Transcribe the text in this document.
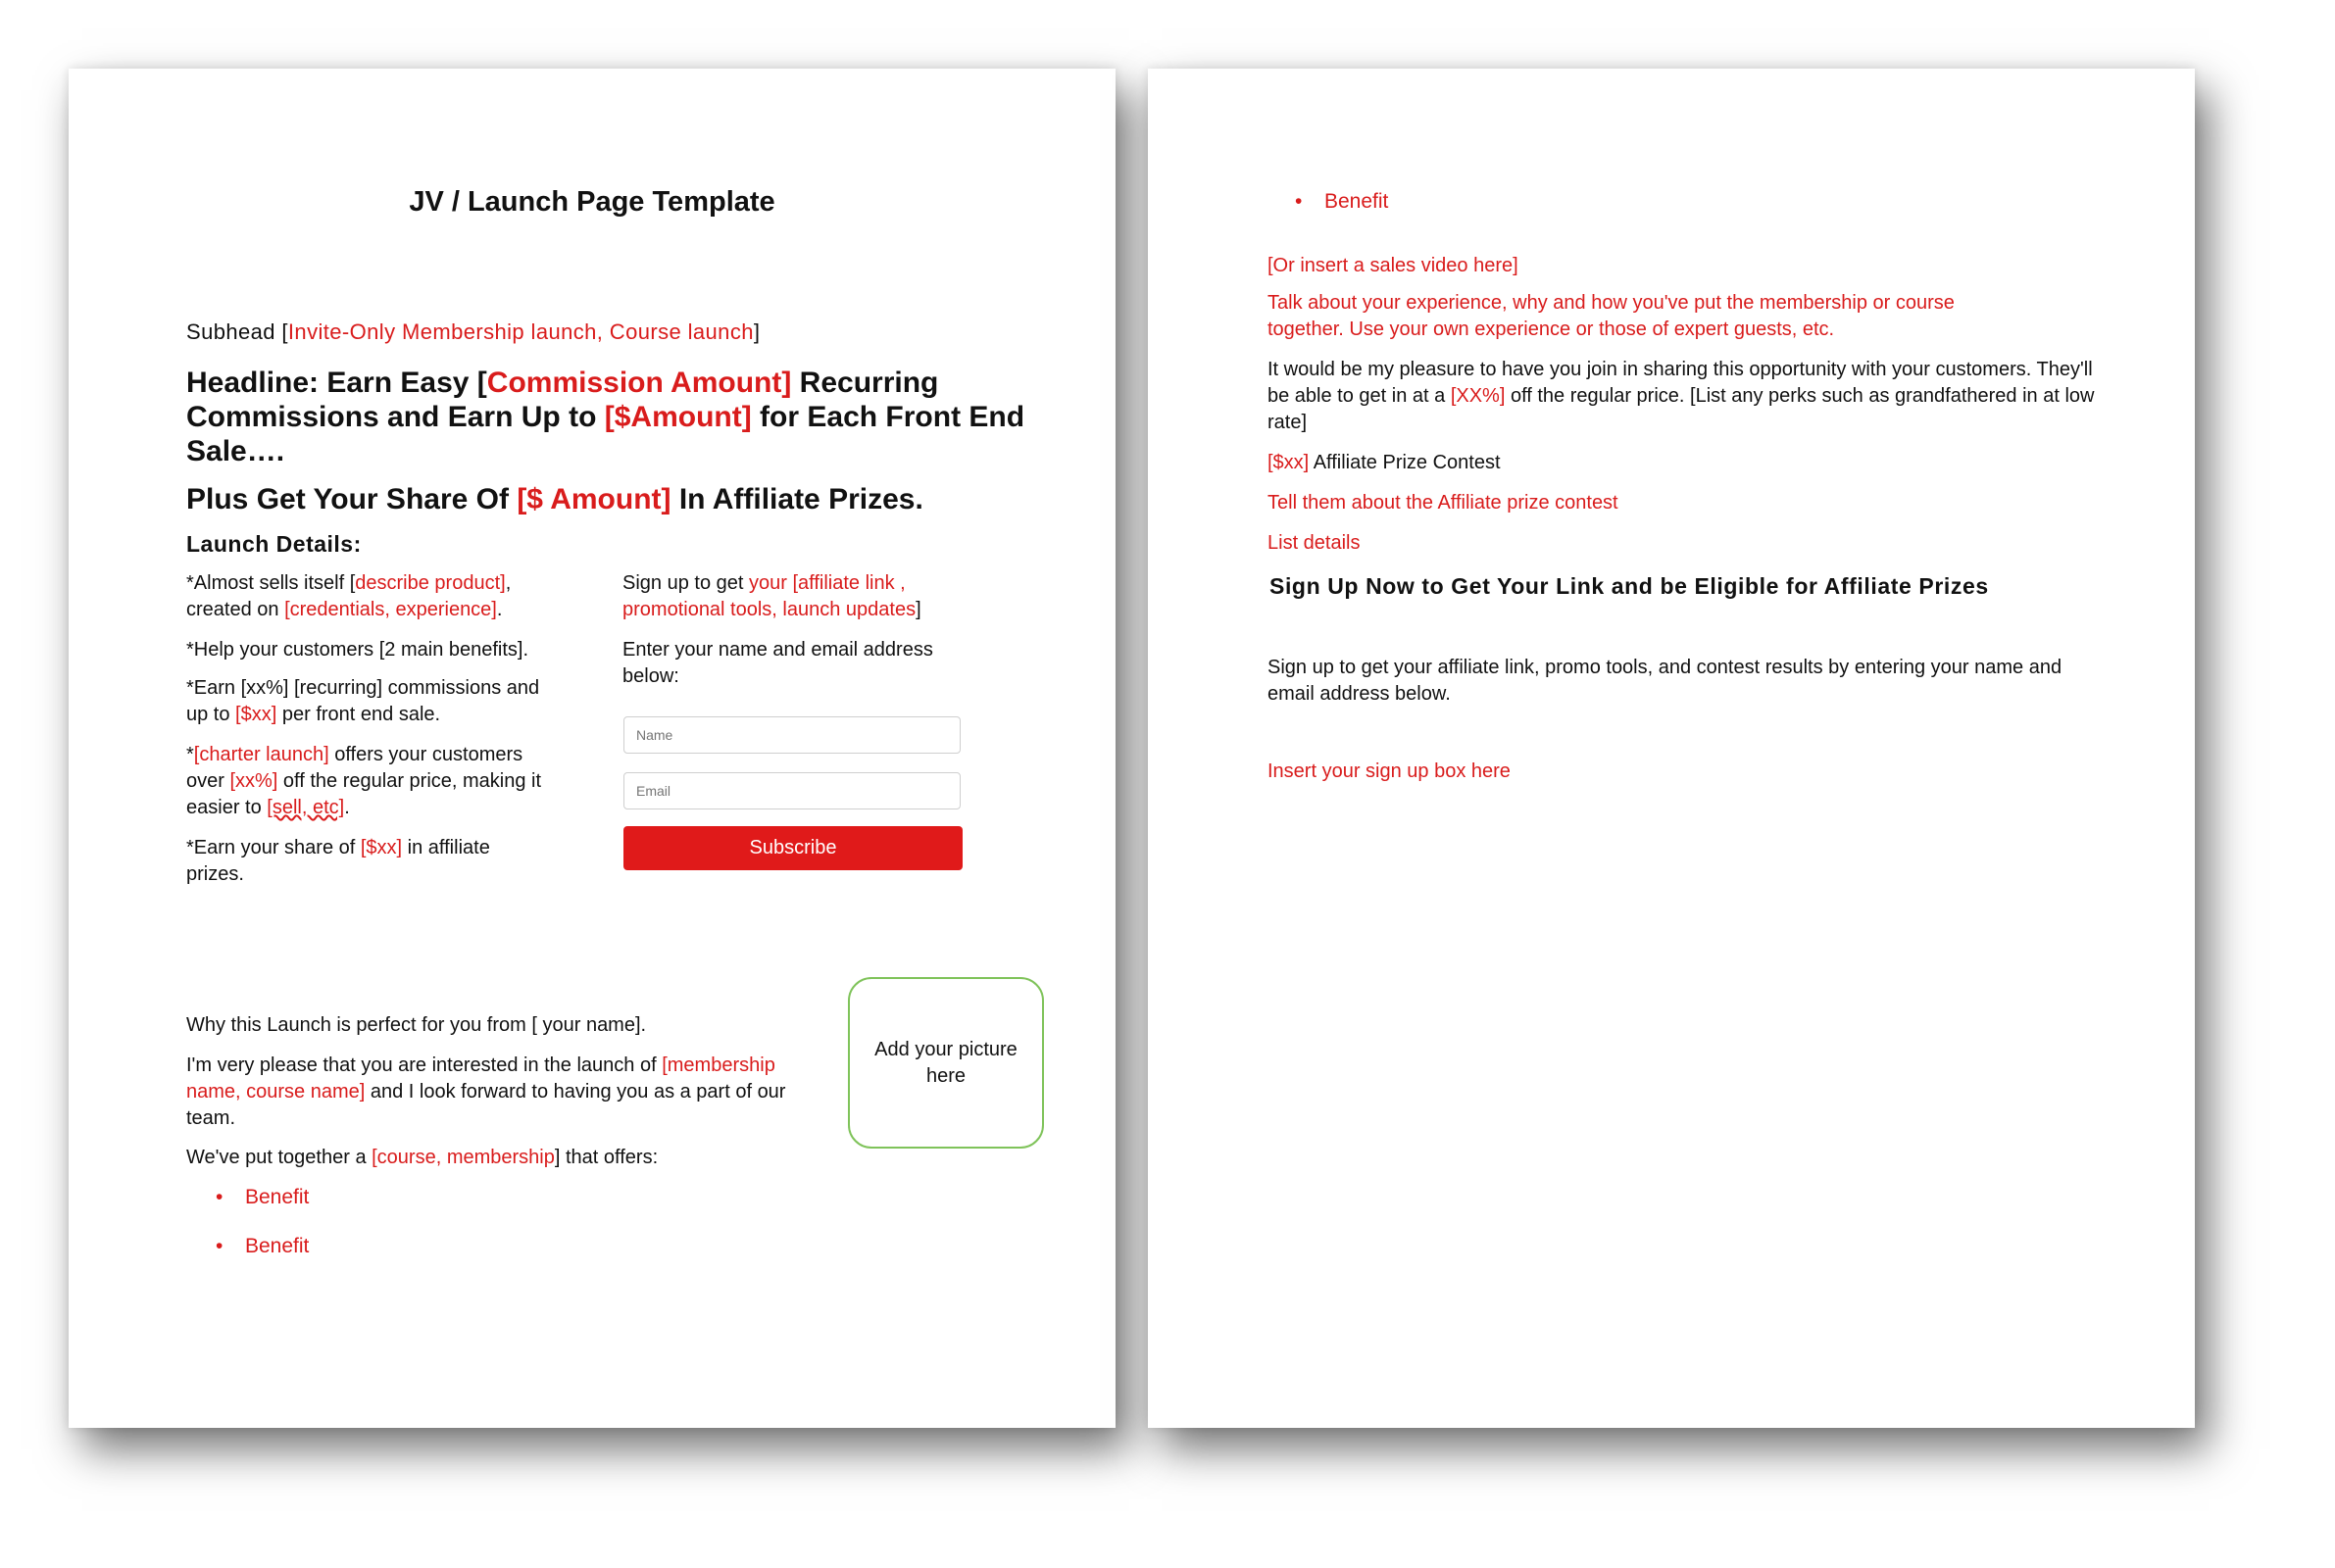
JV / Launch Page Template
Subhead [Invite-Only Membership launch, Course launch]
Headline: Earn Easy [Commission Amount] Recurring Commissions and Earn Up to [$Amount] for Each Front End Sale….
Plus Get Your Share Of [$ Amount] In Affiliate Prizes.
Launch Details:
*Almost sells itself [describe product], created on [credentials, experience].
*Help your customers [2 main benefits].
*Earn [xx%] [recurring] commissions and up to [$xx] per front end sale.
*[charter launch] offers your customers over [xx%] off the regular price, making it easier to [sell, etc].
*Earn your share of [$xx] in affiliate prizes.
Sign up to get your [affiliate link , promotional tools, launch updates]
Enter your name and email address below:
Name
Email
Subscribe
Why this Launch is perfect for you from [ your name].
I'm very please that you are interested in the launch of [membership name, course name] and I look forward to having you as a part of our team.
We've put together a [course, membership] that offers:
Add your picture here
• Benefit
• Benefit
• Benefit
[Or insert a sales video here]
Talk about your experience, why and how you've put the membership or course together. Use your own experience or those of expert guests, etc.
It would be my pleasure to have you join in sharing this opportunity with your customers. They'll be able to get in at a [XX%] off the regular price. [List any perks such as grandfathered in at low rate]
[$xx] Affiliate Prize Contest
Tell them about the Affiliate prize contest
List details
Sign Up Now to Get Your Link and be Eligible for Affiliate Prizes
Sign up to get your affiliate link, promo tools, and contest results by entering your name and email address below.
Insert your sign up box here
